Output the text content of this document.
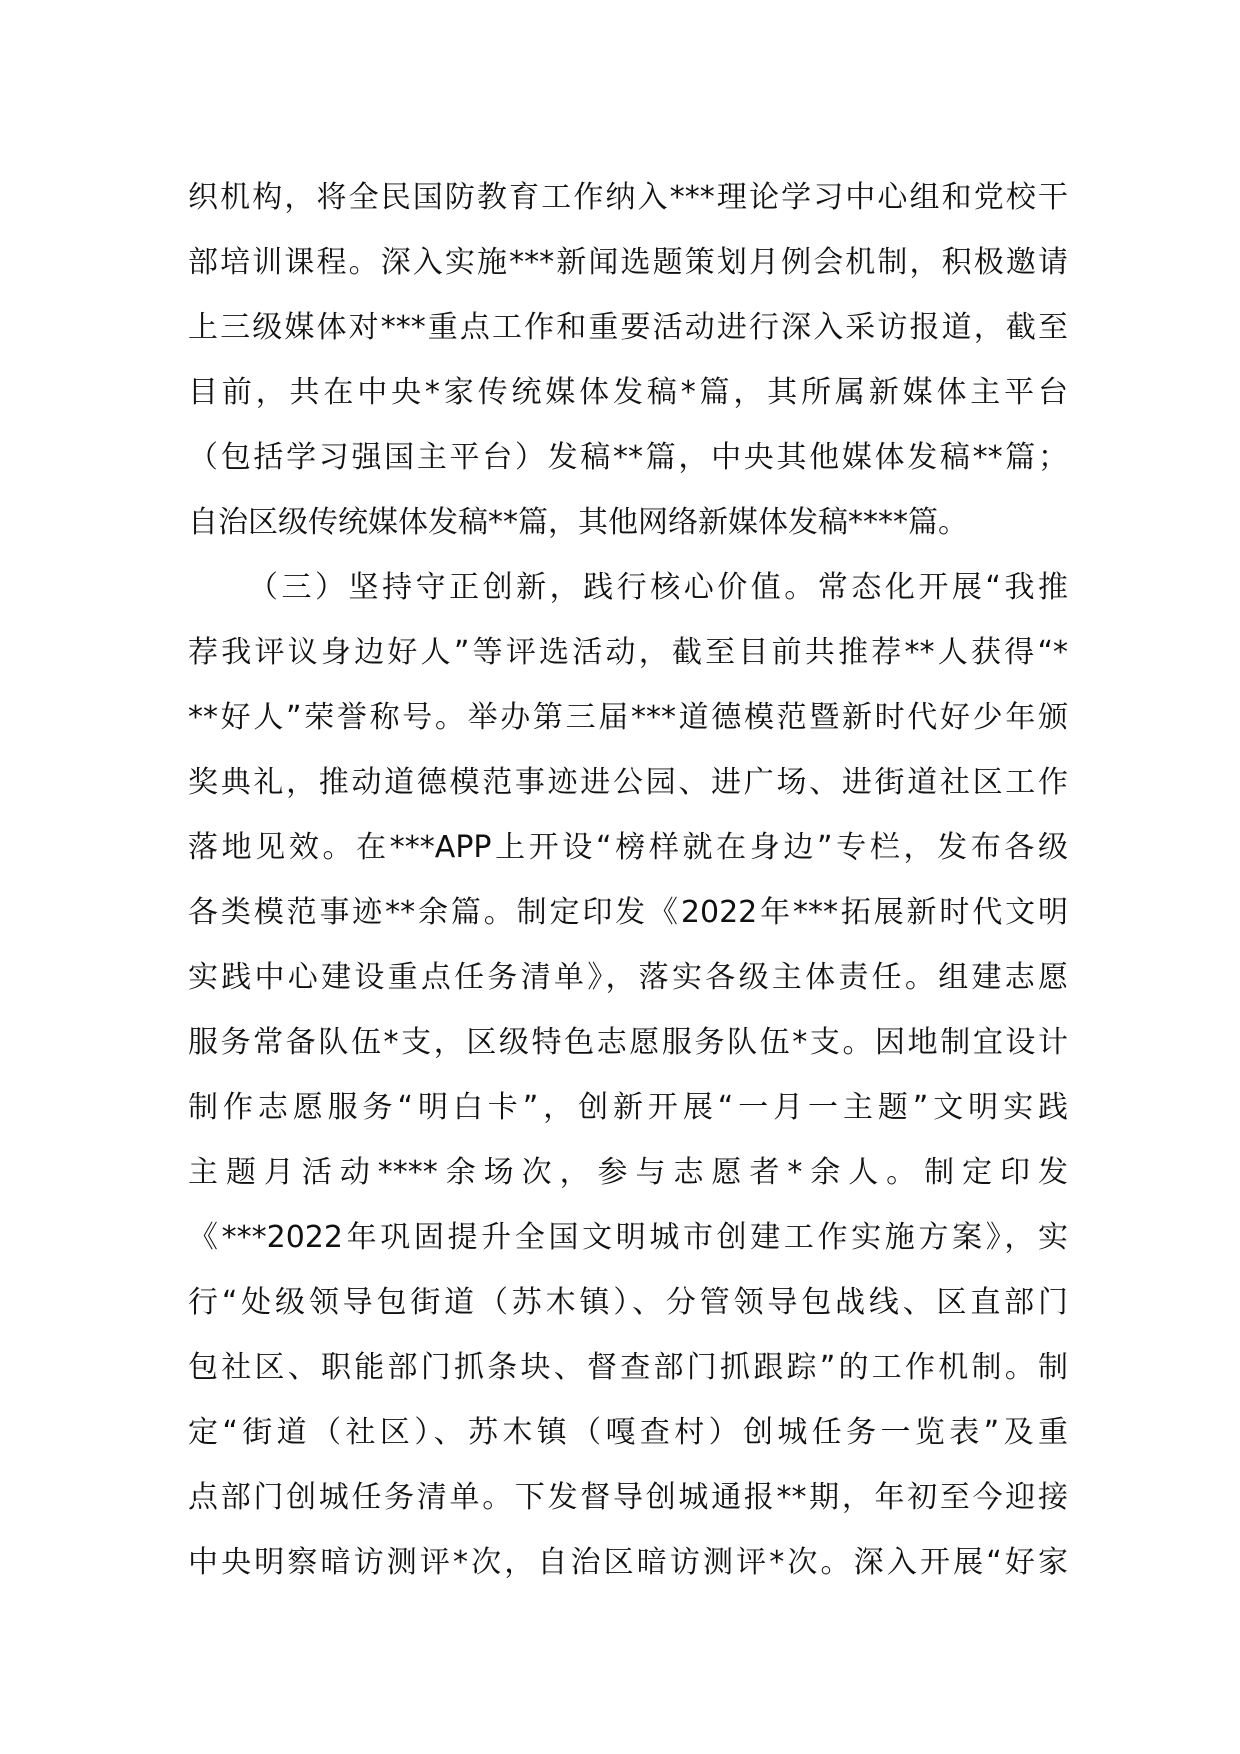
织机构，将全民国防教育工作纳入***理论学习中心组和党校干
部培训课程。深入实施***新闻选题策划月例会机制，积极邀请
上三级媒体对***重点工作和重要活动进行深入采访报道，截至
目前，共在中央*家传统媒体发稿*篇，其所属新媒体主平台
（包括学习强国主平台）发稿**篇，中央其他媒体发稿**篇；
自治区级传统媒体发稿**篇，其他网络新媒体发稿****篇。
（三）坚持守正创新，践行核心价值。常态化开展“我推
荐我评议身边好人”等评选活动，截至目前共推荐**人获得“*
**好人”荣誉称号。举办第三届***道德模范暨新时代好少年颁
奖典礼，推动道德模范事迹进公园、进广场、进街道社区工作
落地见效。在***APP上开设“榜样就在身边”专栏，发布各级
各类模范事迹**余篇。制定印发《2022年***拓展新时代文明
实践中心建设重点任务清单》，落实各级主体责任。组建志愿
服务常备队伍*支，区级特色志愿服务队伍*支。因地制宜设计
制作志愿服务“明白卡”，创新开展“一月一主题”文明实践
主题月活动****余场次，参与志愿者*余人。制定印发
《***2022年巩固提升全国文明城市创建工作实施方案》，实
行“处级领导包街道（苏木镇）、分管领导包战线、区直部门
包社区、职能部门抓条块、督查部门抓跟踪”的工作机制。制
定“街道（社区）、苏木镇（嘎查村）创城任务一览表”及重
点部门创城任务清单。下发督导创城通报**期，年初至今迎接
中央明察暗访测评*次，自治区暗访测评*次。深入开展“好家
